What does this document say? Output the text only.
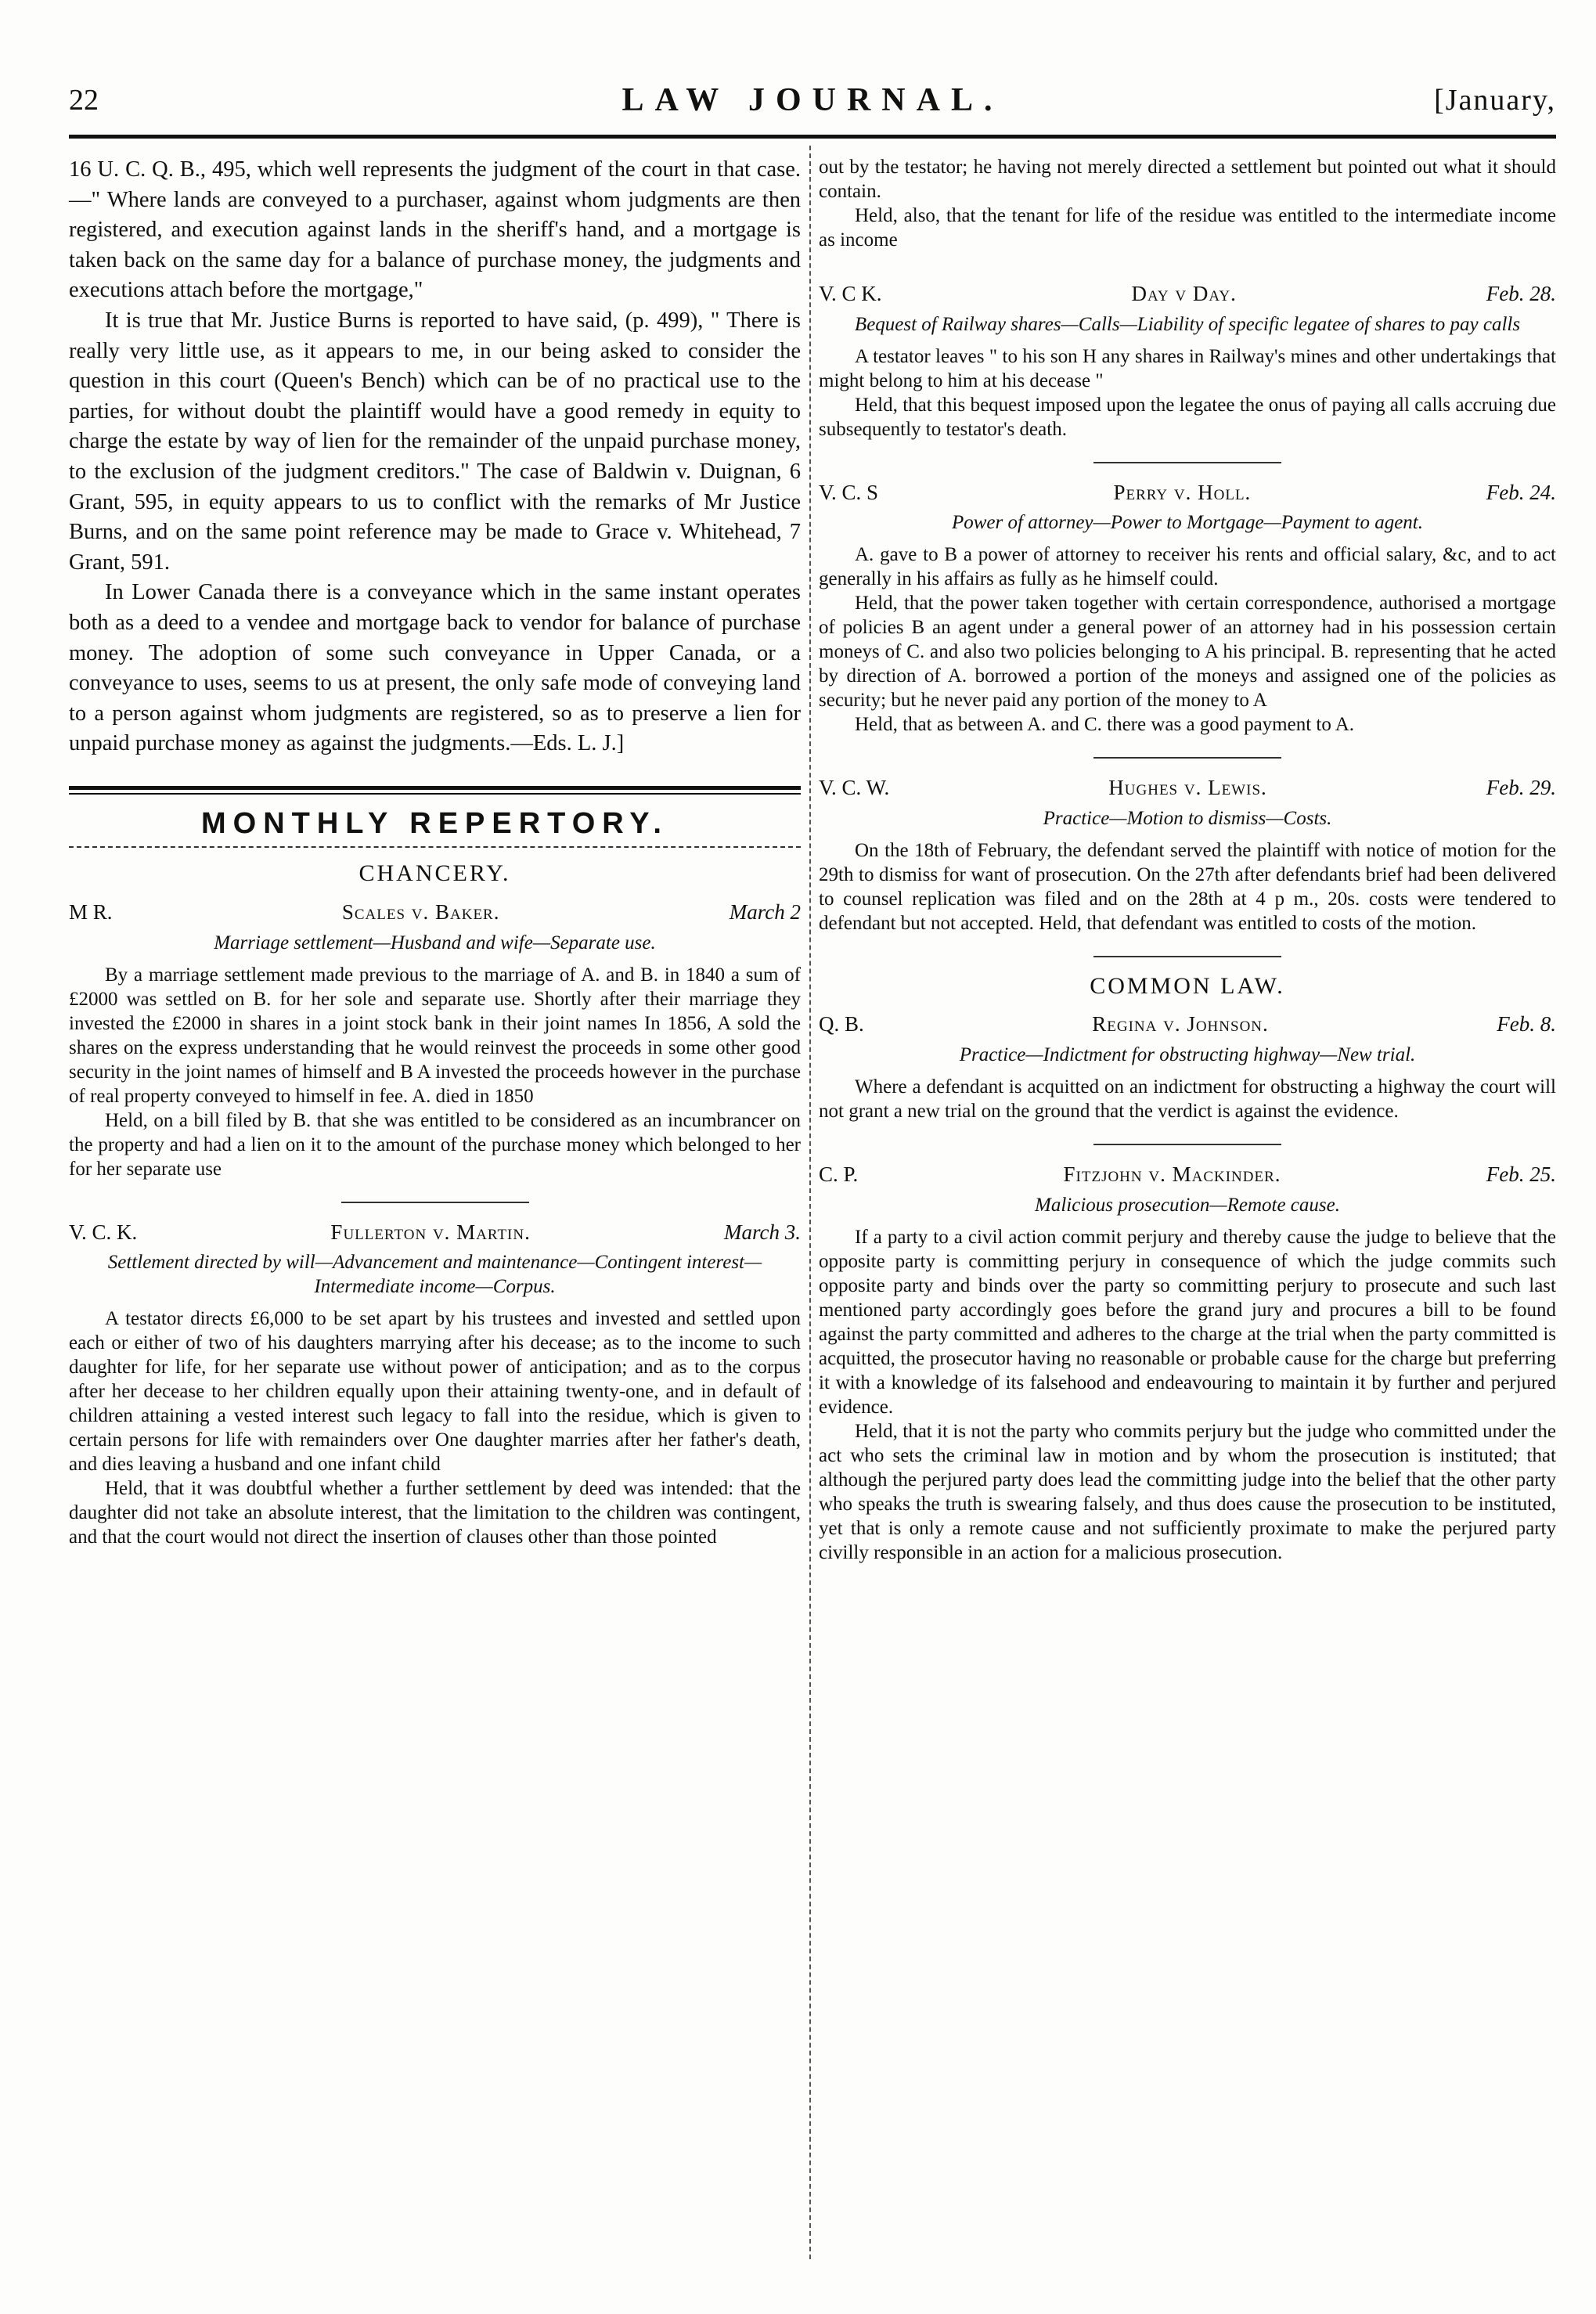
22	LAW JOURNAL.	[January,

16 U. C. Q. B., 495, which well represents the judgment of the court in that case.—" Where lands are conveyed to a purchaser, against whom judgments are then registered, and execution against lands in the sheriff's hand, and a mortgage is taken back on the same day for a balance of purchase money, the judgments and executions attach before the mortgage,"

It is true that Mr. Justice Burns is reported to have said, (p. 499), " There is really very little use, as it appears to me, in our being asked to consider the question in this court (Queen's Bench) which can be of no practical use to the parties, for without doubt the plaintiff would have a good remedy in equity to charge the estate by way of lien for the remainder of the unpaid purchase money, to the exclusion of the judgment creditors." The case of Baldwin v. Duignan, 6 Grant, 595, in equity appears to us to conflict with the remarks of Mr Justice Burns, and on the same point reference may be made to Grace v. Whitehead, 7 Grant, 591.

In Lower Canada there is a conveyance which in the same instant operates both as a deed to a vendee and mortgage back to vendor for balance of purchase money. The adoption of some such conveyance in Upper Canada, or a conveyance to uses, seems to us at present, the only safe mode of conveying land to a person against whom judgments are registered, so as to preserve a lien for unpaid purchase money as against the judgments.—Eds. L. J.]

MONTHLY REPERTORY.
CHANCERY.
M R.	Scales v. Baker.	March 2
Marriage settlement—Husband and wife—Separate use.

By a marriage settlement made previous to the marriage of A. and B. in 1840 a sum of £2000 was settled on B. for her sole and separate use. Shortly after their marriage they invested the £2000 in shares in a joint stock bank in their joint names In 1856, A sold the shares on the express understanding that he would reinvest the proceeds in some other good security in the joint names of himself and B A invested the proceeds however in the purchase of real property conveyed to himself in fee. A. died in 1850

Held, on a bill filed by B. that she was entitled to be considered as an incumbrancer on the property and had a lien on it to the amount of the purchase money which belonged to her for her separate use

V. C. K.	Fullerton v. Martin.	March 3.
Settlement directed by will—Advancement and maintenance—Contingent interest—Intermediate income—Corpus.

A testator directs £6,000 to be set apart by his trustees and invested and settled upon each or either of two of his daughters marrying after his decease; as to the income to such daughter for life, for her separate use without power of anticipation; and as to the corpus after her decease to her children equally upon their attaining twenty-one, and in default of children attaining a vested interest such legacy to fall into the residue, which is given to certain persons for life with remainders over One daughter marries after her father's death, and dies leaving a husband and one infant child

Held, that it was doubtful whether a further settlement by deed was intended: that the daughter did not take an absolute interest, that the limitation to the children was contingent, and that the court would not direct the insertion of clauses other than those pointed

out by the testator; he having not merely directed a settlement but pointed out what it should contain.

Held, also, that the tenant for life of the residue was entitled to the intermediate income as income

V. C K.	Day v Day.	Feb. 28.
Bequest of Railway shares—Calls—Liability of specific legatee of shares to pay calls

A testator leaves " to his son H any shares in Railway's mines and other undertakings that might belong to him at his decease "

Held, that this bequest imposed upon the legatee the onus of paying all calls accruing due subsequently to testator's death.

V. C. S	Perry v. Holl.	Feb. 24.
Power of attorney—Power to Mortgage—Payment to agent.

A. gave to B a power of attorney to receiver his rents and official salary, &c, and to act generally in his affairs as fully as he himself could.

Held, that the power taken together with certain correspondence, authorised a mortgage of policies B an agent under a general power of an attorney had in his possession certain moneys of C. and also two policies belonging to A his principal. B. representing that he acted by direction of A. borrowed a portion of the moneys and assigned one of the policies as security; but he never paid any portion of the money to A

Held, that as between A. and C. there was a good payment to A.

V. C. W.	Hughes v. Lewis.	Feb. 29.
Practice—Motion to dismiss—Costs.

On the 18th of February, the defendant served the plaintiff with notice of motion for the 29th to dismiss for want of prosecution. On the 27th after defendants brief had been delivered to counsel replication was filed and on the 28th at 4 p m., 20s. costs were tendered to defendant but not accepted. Held, that defendant was entitled to costs of the motion.

COMMON LAW.
Q. B.	Regina v. Johnson.	Feb. 8.
Practice—Indictment for obstructing highway—New trial.

Where a defendant is acquitted on an indictment for obstructing a highway the court will not grant a new trial on the ground that the verdict is against the evidence.

C. P.	Fitzjohn v. Mackinder.	Feb. 25.
Malicious prosecution—Remote cause.

If a party to a civil action commit perjury and thereby cause the judge to believe that the opposite party is committing perjury in consequence of which the judge commits such opposite party and binds over the party so committing perjury to prosecute and such last mentioned party accordingly goes before the grand jury and procures a bill to be found against the party committed and adheres to the charge at the trial when the party committed is acquitted, the prosecutor having no reasonable or probable cause for the charge but preferring it with a knowledge of its falsehood and endeavouring to maintain it by further and perjured evidence.

Held, that it is not the party who commits perjury but the judge who committed under the act who sets the criminal law in motion and by whom the prosecution is instituted; that although the perjured party does lead the committing judge into the belief that the other party who speaks the truth is swearing falsely, and thus does cause the prosecution to be instituted, yet that is only a remote cause and not sufficiently proximate to make the perjured party civilly responsible in an action for a malicious prosecution.
